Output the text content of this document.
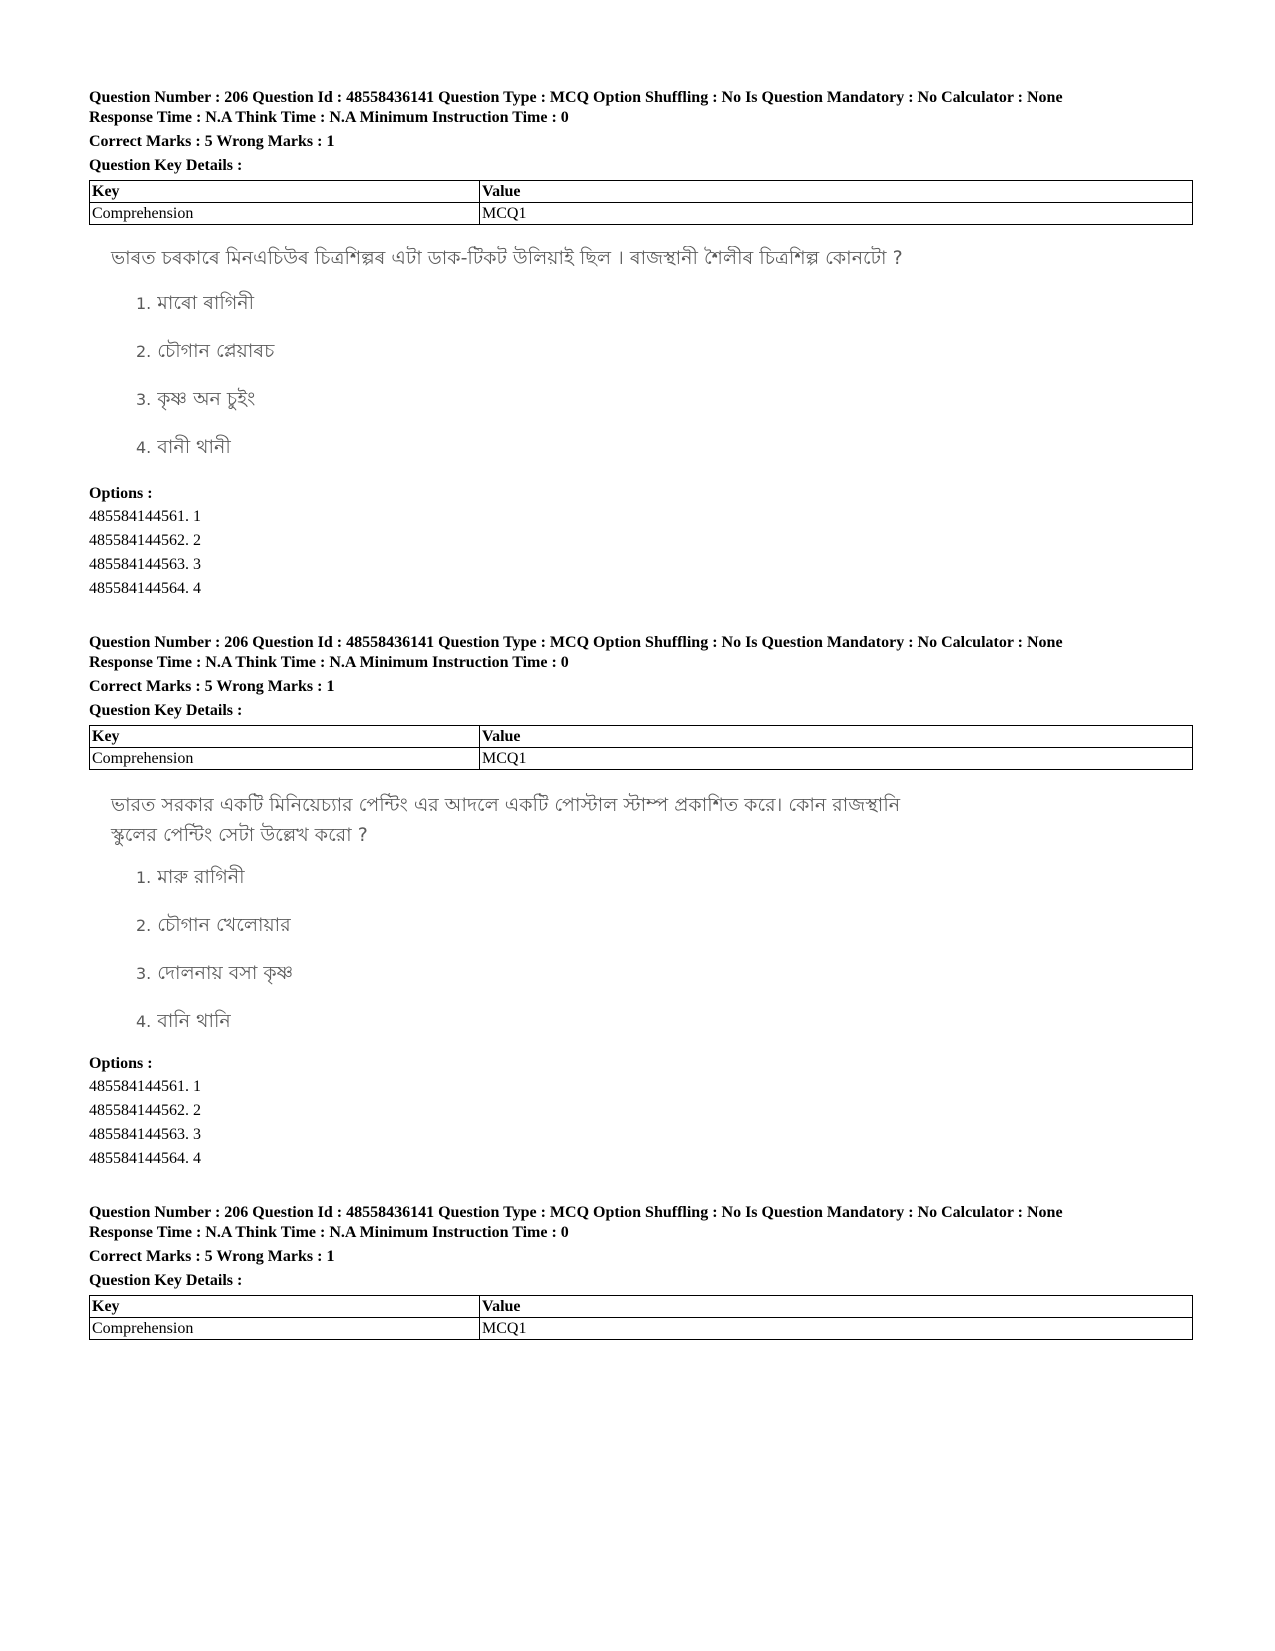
Question Number : 206 Question Id : 48558436141 Question Type : MCQ Option Shuffling : No Is Question Mandatory : No Calculator : None
Response Time : N.A Think Time : N.A Minimum Instruction Time : 0
Correct Marks : 5 Wrong Marks : 1
Question Key Details :
Key	Value
Comprehension	MCQ1
ভাৰত চৰকাৰে মিনএচিউৰ চিত্ৰশিল্পৰ এটা ডাক-টিকট উলিয়াই ছিল । ৰাজস্থানী শৈলীৰ চিত্ৰশিল্প কোনটো ?
1. মাৰো ৰাগিনী
2. চৌগান প্লেয়াৰচ
3. কৃষ্ণ অন চুইং
4. বানী থানী
Options :
485584144561. 1
485584144562. 2
485584144563. 3
485584144564. 4
Question Number : 206 Question Id : 48558436141 Question Type : MCQ Option Shuffling : No Is Question Mandatory : No Calculator : None
Response Time : N.A Think Time : N.A Minimum Instruction Time : 0
Correct Marks : 5 Wrong Marks : 1
Question Key Details :
Key	Value
Comprehension	MCQ1
ভারত সরকার একটি মিনিয়েচ্যার পেন্টিং এর আদলে একটি পোস্টাল স্টাম্প প্রকাশিত করে। কোন রাজস্থানি
স্কুলের পেন্টিং সেটা উল্লেখ করো ?
1. মারু রাগিনী
2. চৌগান খেলোয়ার
3. দোলনায় বসা কৃষ্ণ
4. বানি থানি
Options :
485584144561. 1
485584144562. 2
485584144563. 3
485584144564. 4
Question Number : 206 Question Id : 48558436141 Question Type : MCQ Option Shuffling : No Is Question Mandatory : No Calculator : None
Response Time : N.A Think Time : N.A Minimum Instruction Time : 0
Correct Marks : 5 Wrong Marks : 1
Question Key Details :
Key	Value
Comprehension	MCQ1
